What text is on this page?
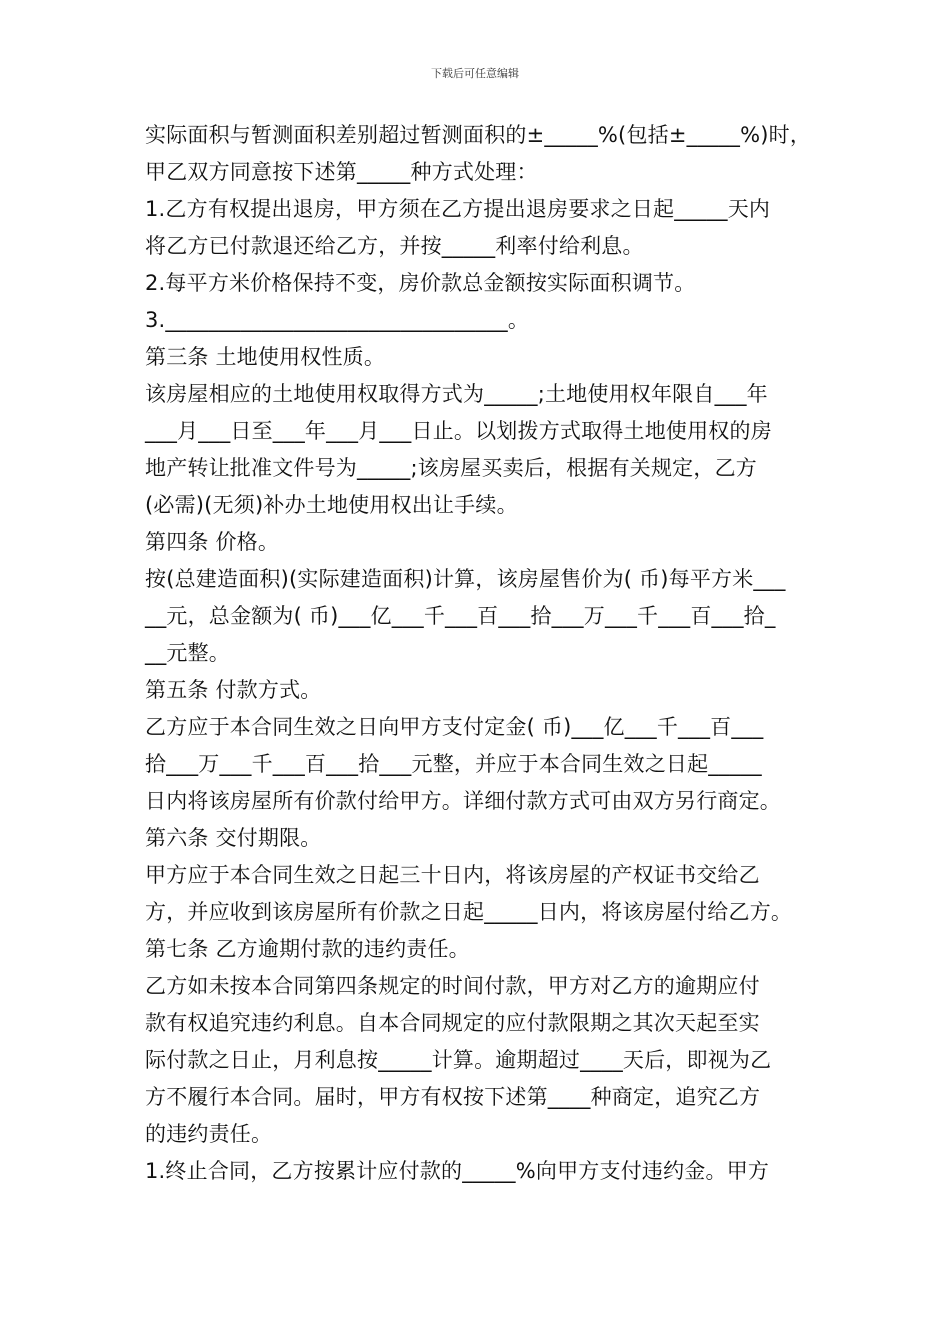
下载后可任意编辑
实际面积与暂测面积差别超过暂测面积的±_____%(包括±_____%)时，
甲乙双方同意按下述第_____种方式处理：
1.乙方有权提出退房，甲方须在乙方提出退房要求之日起_____天内
将乙方已付款退还给乙方，并按_____利率付给利息。
2.每平方米价格保持不变，房价款总金额按实际面积调节。
3.________________________________。
第三条 土地使用权性质。
该房屋相应的土地使用权取得方式为_____;土地使用权年限自___年
___月___日至___年___月___日止。以划拨方式取得土地使用权的房
地产转让批准文件号为_____;该房屋买卖后，根据有关规定，乙方
(必需)(无须)补办土地使用权出让手续。
第四条 价格。
按(总建造面积)(实际建造面积)计算，该房屋售价为( 币)每平方米___
__元，总金额为( 币)___亿___千___百___拾___万___千___百___拾_
__元整。
第五条 付款方式。
乙方应于本合同生效之日向甲方支付定金( 币)___亿___千___百___
拾___万___千___百___拾___元整，并应于本合同生效之日起_____
日内将该房屋所有价款付给甲方。详细付款方式可由双方另行商定。
第六条 交付期限。
甲方应于本合同生效之日起三十日内，将该房屋的产权证书交给乙
方，并应收到该房屋所有价款之日起_____日内，将该房屋付给乙方。
第七条 乙方逾期付款的违约责任。
乙方如未按本合同第四条规定的时间付款，甲方对乙方的逾期应付
款有权追究违约利息。自本合同规定的应付款限期之其次天起至实
际付款之日止，月利息按_____计算。逾期超过____天后，即视为乙
方不履行本合同。届时，甲方有权按下述第____种商定，追究乙方
的违约责任。
1.终止合同，乙方按累计应付款的_____%向甲方支付违约金。甲方
